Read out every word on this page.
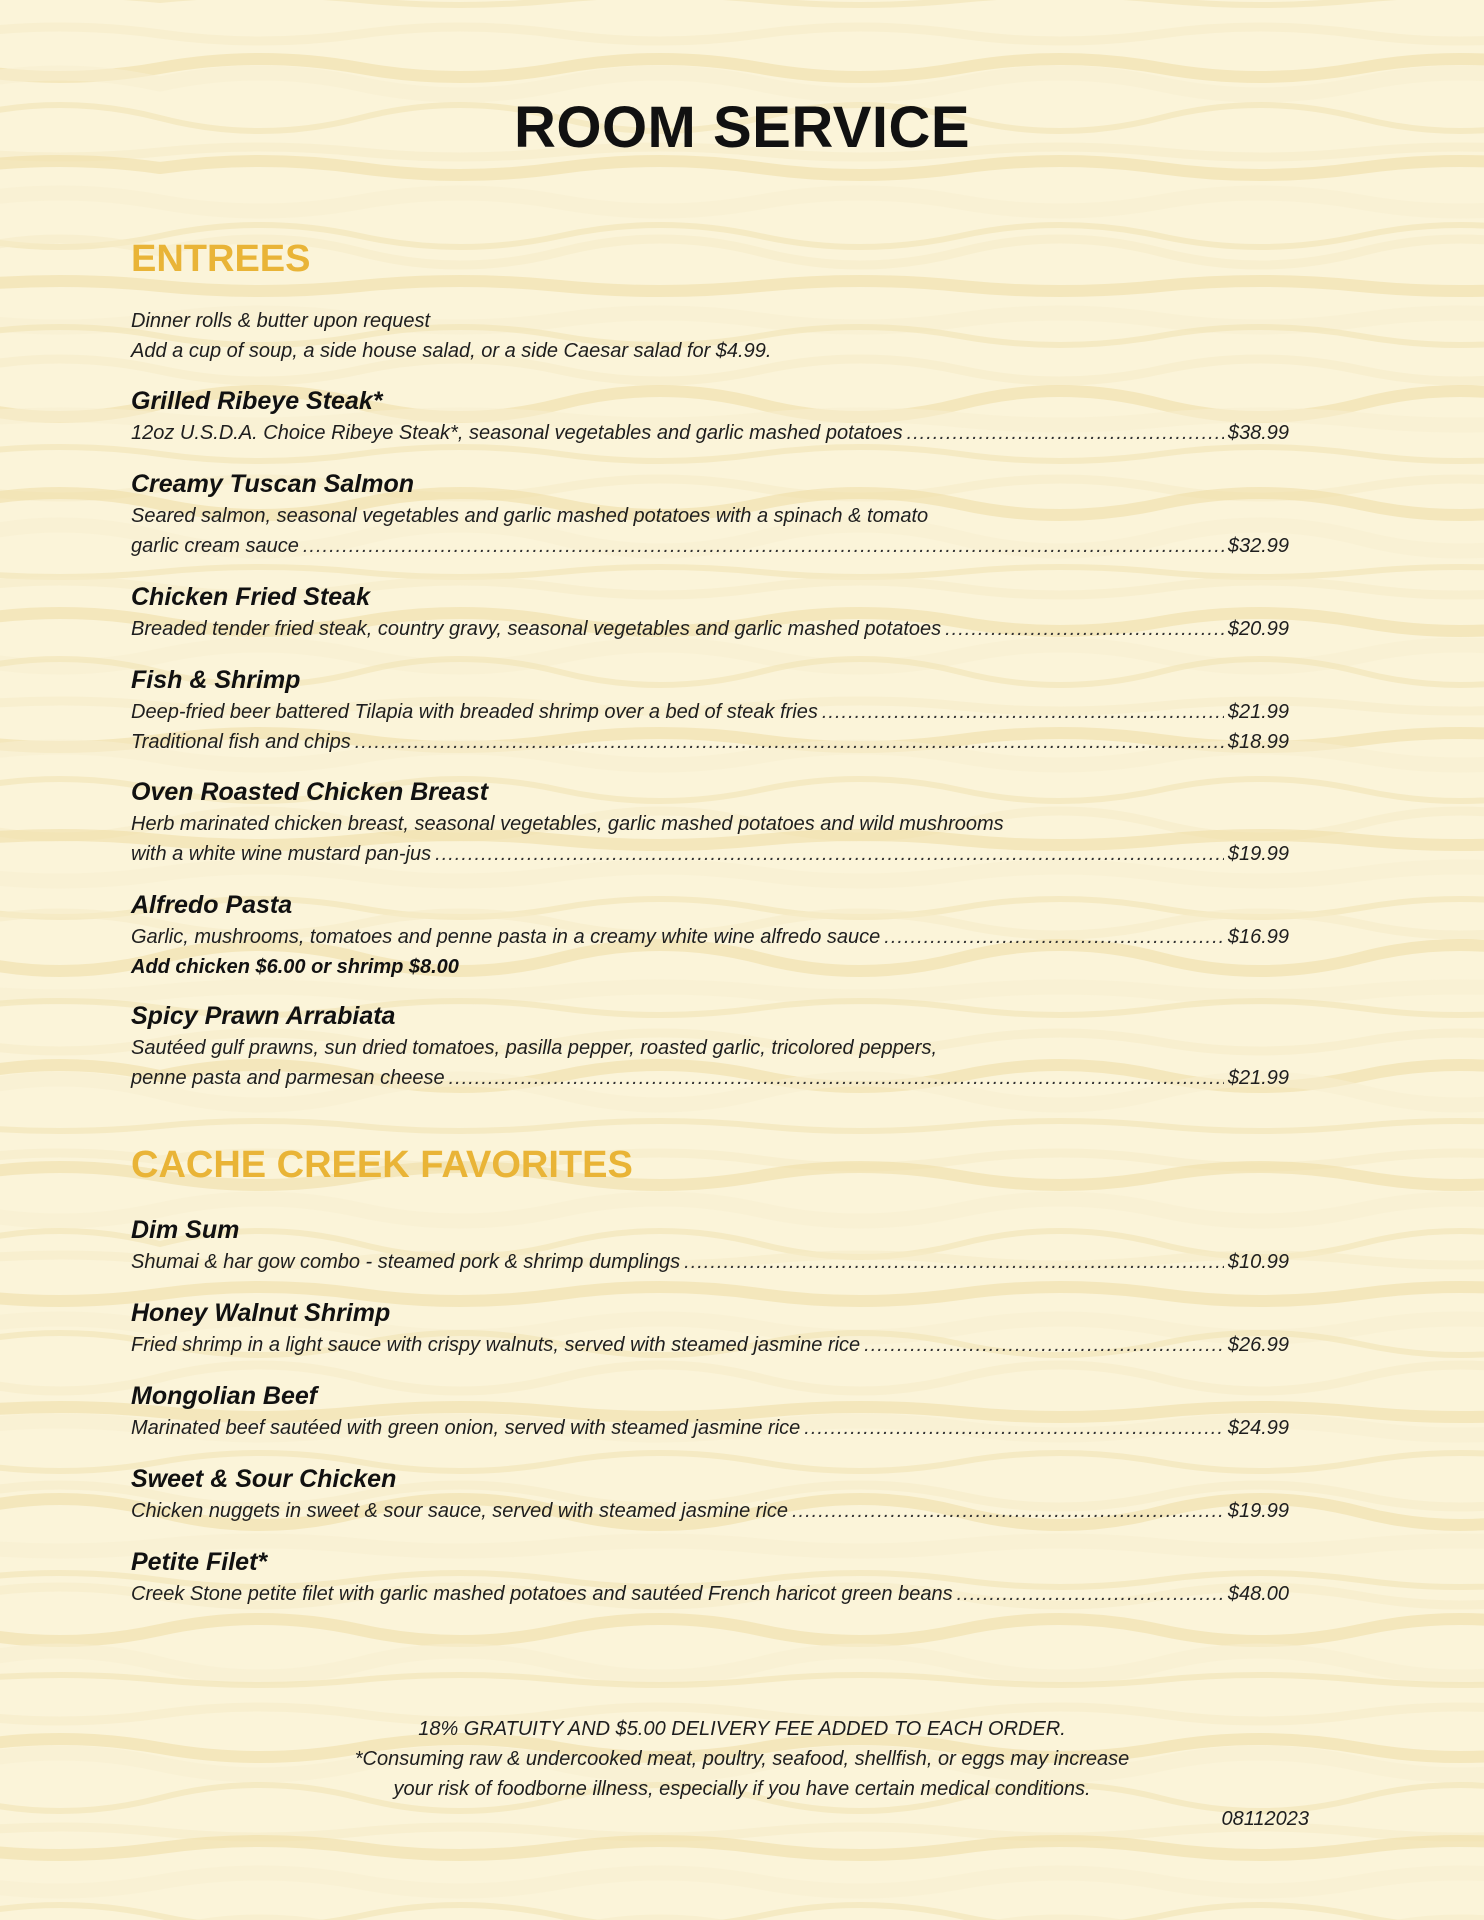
ROOM SERVICE
ENTREES
Dinner rolls & butter upon request
Add a cup of soup, a side house salad, or a side Caesar salad for $4.99.
Grilled Ribeye Steak*
12oz U.S.D.A. Choice Ribeye Steak*, seasonal vegetables and garlic mashed potatoes .....	$38.99
Creamy Tuscan Salmon
Seared salmon, seasonal vegetables and garlic mashed potatoes with a spinach & tomato
garlic cream sauce .....	$32.99
Chicken Fried Steak
Breaded tender fried steak, country gravy, seasonal vegetables and garlic mashed potatoes .....	$20.99
Fish & Shrimp
Deep-fried beer battered Tilapia with breaded shrimp over a bed of steak fries .....	$21.99
Traditional fish and chips .....	$18.99
Oven Roasted Chicken Breast
Herb marinated chicken breast, seasonal vegetables, garlic mashed potatoes and wild mushrooms
with a white wine mustard pan-jus .....	$19.99
Alfredo Pasta
Garlic, mushrooms, tomatoes and penne pasta in a creamy white wine alfredo sauce .....	$16.99
Add chicken $6.00 or shrimp $8.00
Spicy Prawn Arrabiata
Sautéed gulf prawns, sun dried tomatoes, pasilla pepper, roasted garlic, tricolored peppers,
penne pasta and parmesan cheese .....	$21.99
CACHE CREEK FAVORITES
Dim Sum
Shumai & har gow combo - steamed pork & shrimp dumplings .....	$10.99
Honey Walnut Shrimp
Fried shrimp in a light sauce with crispy walnuts, served with steamed jasmine rice .....	$26.99
Mongolian Beef
Marinated beef sautéed with green onion, served with steamed jasmine rice .....	$24.99
Sweet & Sour Chicken
Chicken nuggets in sweet & sour sauce, served with steamed jasmine rice .....	$19.99
Petite Filet*
Creek Stone petite filet with garlic mashed potatoes and sautéed French haricot green beans .....	$48.00
18% GRATUITY AND $5.00 DELIVERY FEE ADDED TO EACH ORDER.
*Consuming raw & undercooked meat, poultry, seafood, shellfish, or eggs may increase
your risk of foodborne illness, especially if you have certain medical conditions.
08112023
